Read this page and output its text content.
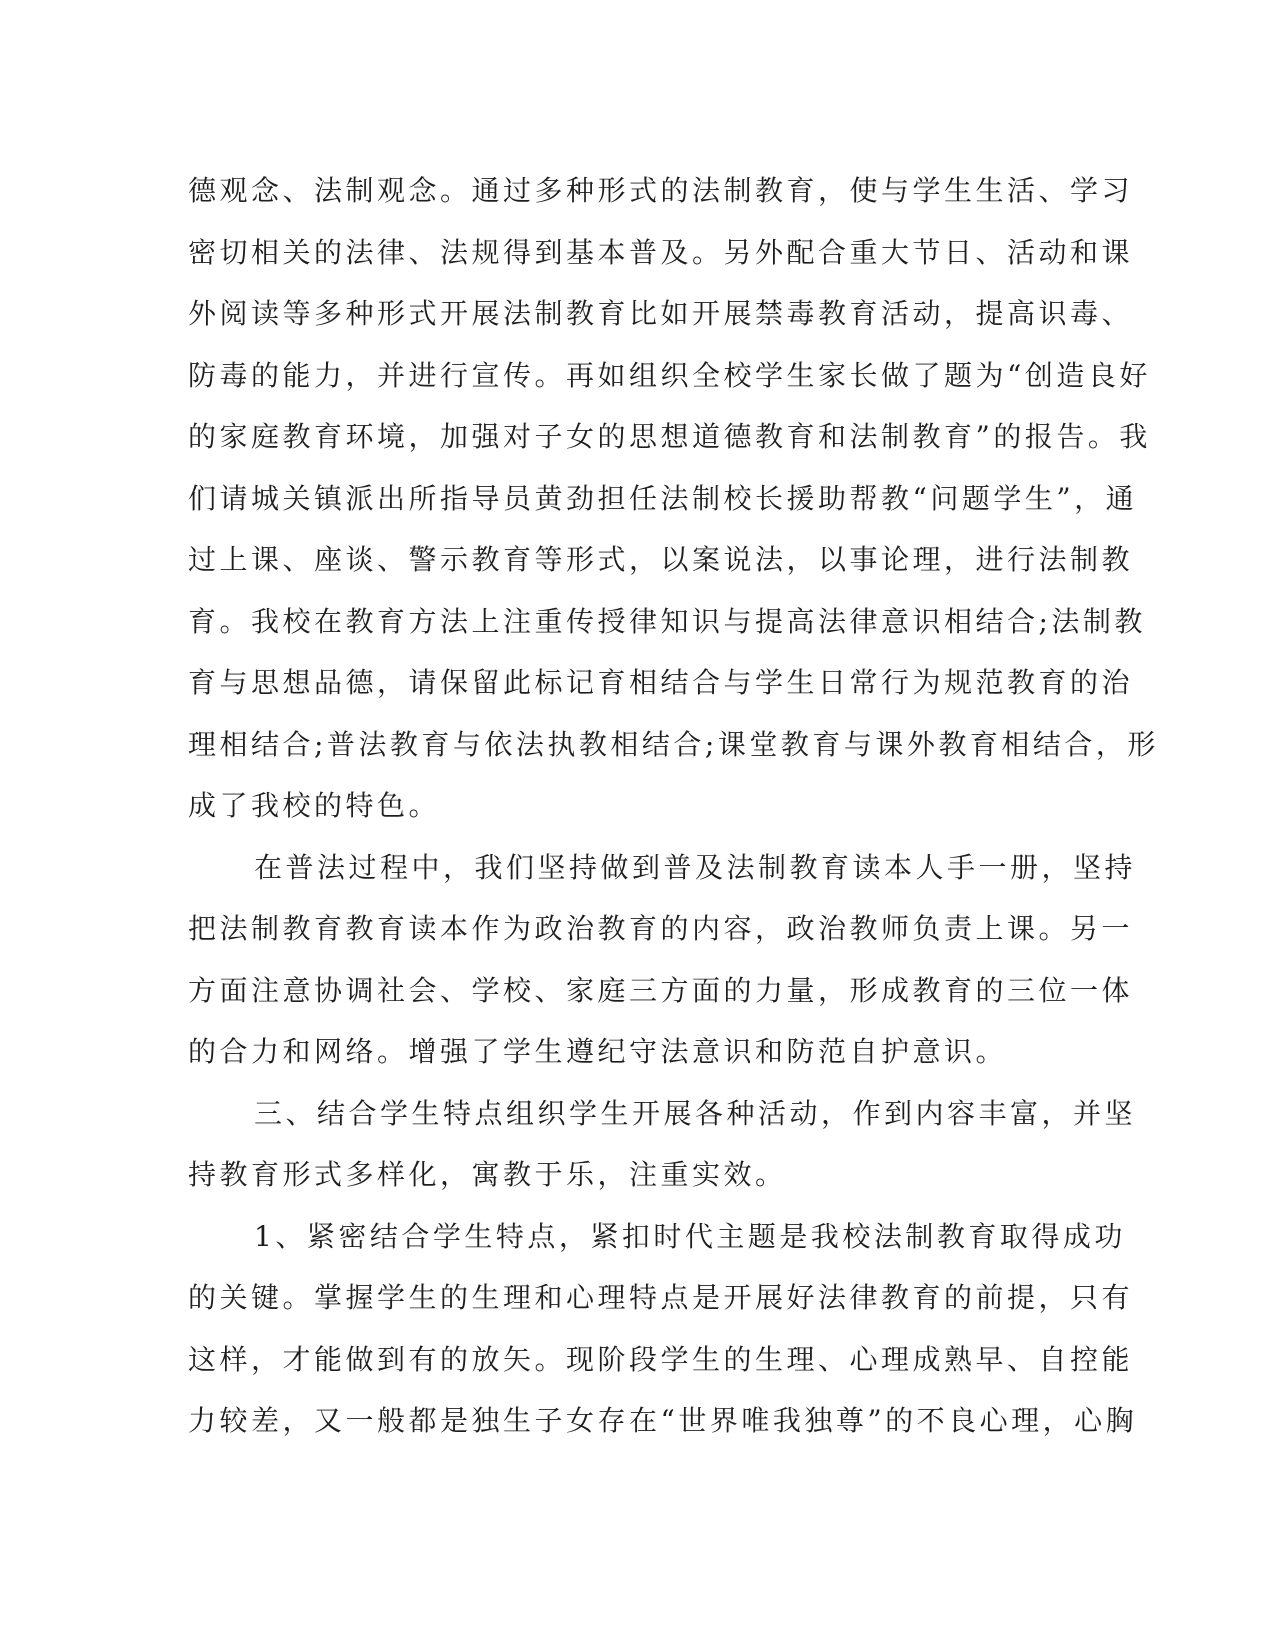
德观念、法制观念。通过多种形式的法制教育，使与学生生活、学习
密切相关的法律、法规得到基本普及。另外配合重大节日、活动和课
外阅读等多种形式开展法制教育比如开展禁毒教育活动，提高识毒、
防毒的能力，并进行宣传。再如组织全校学生家长做了题为“创造良好
的家庭教育环境，加强对子女的思想道德教育和法制教育”的报告。我
们请城关镇派出所指导员黄劲担任法制校长援助帮教“问题学生”，通
过上课、座谈、警示教育等形式，以案说法，以事论理，进行法制教
育。我校在教育方法上注重传授律知识与提高法律意识相结合;法制教
育与思想品德，请保留此标记育相结合与学生日常行为规范教育的治
理相结合;普法教育与依法执教相结合;课堂教育与课外教育相结合，形
成了我校的特色。

在普法过程中，我们坚持做到普及法制教育读本人手一册，坚持
把法制教育教育读本作为政治教育的内容，政治教师负责上课。另一
方面注意协调社会、学校、家庭三方面的力量，形成教育的三位一体
的合力和网络。增强了学生遵纪守法意识和防范自护意识。

三、结合学生特点组织学生开展各种活动，作到内容丰富，并坚
持教育形式多样化，寓教于乐，注重实效。

1、紧密结合学生特点，紧扣时代主题是我校法制教育取得成功
的关键。掌握学生的生理和心理特点是开展好法律教育的前提，只有
这样，才能做到有的放矢。现阶段学生的生理、心理成熟早、自控能
力较差，又一般都是独生子女存在“世界唯我独尊”的不良心理，心胸
